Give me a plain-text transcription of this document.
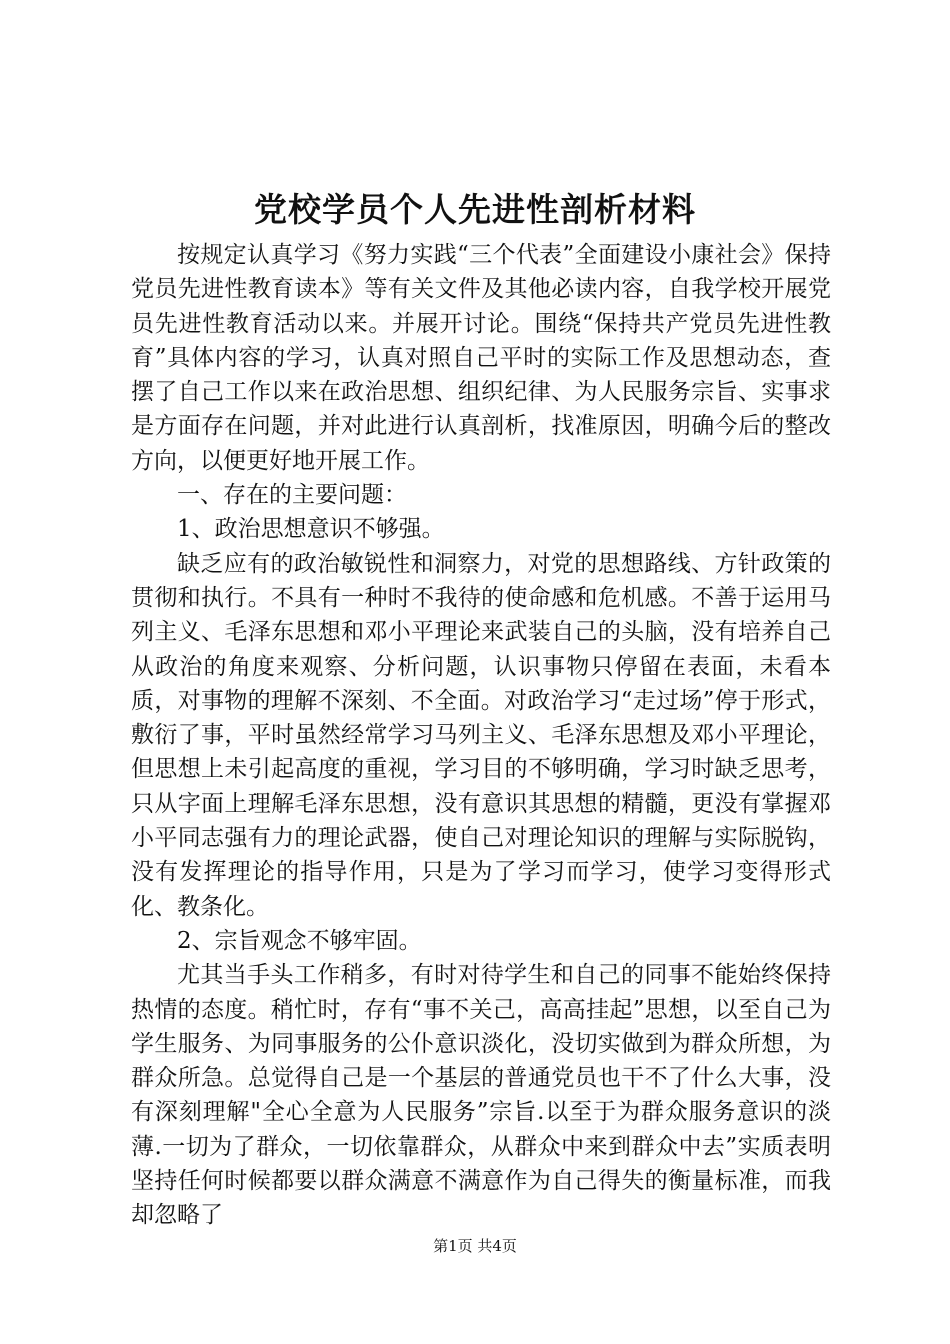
党校学员个人先进性剖析材料

按规定认真学习《努力实践“三个代表”全面建设小康社会》保持党员先进性教育读本》等有关文件及其他必读内容，自我学校开展党员先进性教育活动以来。并展开讨论。围绕“保持共产党员先进性教育”具体内容的学习，认真对照自己平时的实际工作及思想动态，查摆了自己工作以来在政治思想、组织纪律、为人民服务宗旨、实事求是方面存在问题，并对此进行认真剖析，找准原因，明确今后的整改方向，以便更好地开展工作。

一、存在的主要问题：

1、政治思想意识不够强。

缺乏应有的政治敏锐性和洞察力，对党的思想路线、方针政策的贯彻和执行。不具有一种时不我待的使命感和危机感。不善于运用马列主义、毛泽东思想和邓小平理论来武装自己的头脑，没有培养自己从政治的角度来观察、分析问题，认识事物只停留在表面，未看本质，对事物的理解不深刻、不全面。对政治学习“走过场”停于形式，敷衍了事，平时虽然经常学习马列主义、毛泽东思想及邓小平理论，但思想上未引起高度的重视，学习目的不够明确，学习时缺乏思考，只从字面上理解毛泽东思想，没有意识其思想的精髓，更没有掌握邓小平同志强有力的理论武器，使自己对理论知识的理解与实际脱钩，没有发挥理论的指导作用，只是为了学习而学习，使学习变得形式化、教条化。

2、宗旨观念不够牢固。

尤其当手头工作稍多，有时对待学生和自己的同事不能始终保持热情的态度。稍忙时，存有“事不关己，高高挂起”思想，以至自己为学生服务、为同事服务的公仆意识淡化，没切实做到为群众所想，为群众所急。总觉得自己是一个基层的普通党员也干不了什么大事，没有深刻理解"全心全意为人民服务”宗旨.以至于为群众服务意识的淡薄.一切为了群众，一切依靠群众，从群众中来到群众中去”实质表明坚持任何时候都要以群众满意不满意作为自己得失的衡量标准，而我却忽略了

第1页 共4页
